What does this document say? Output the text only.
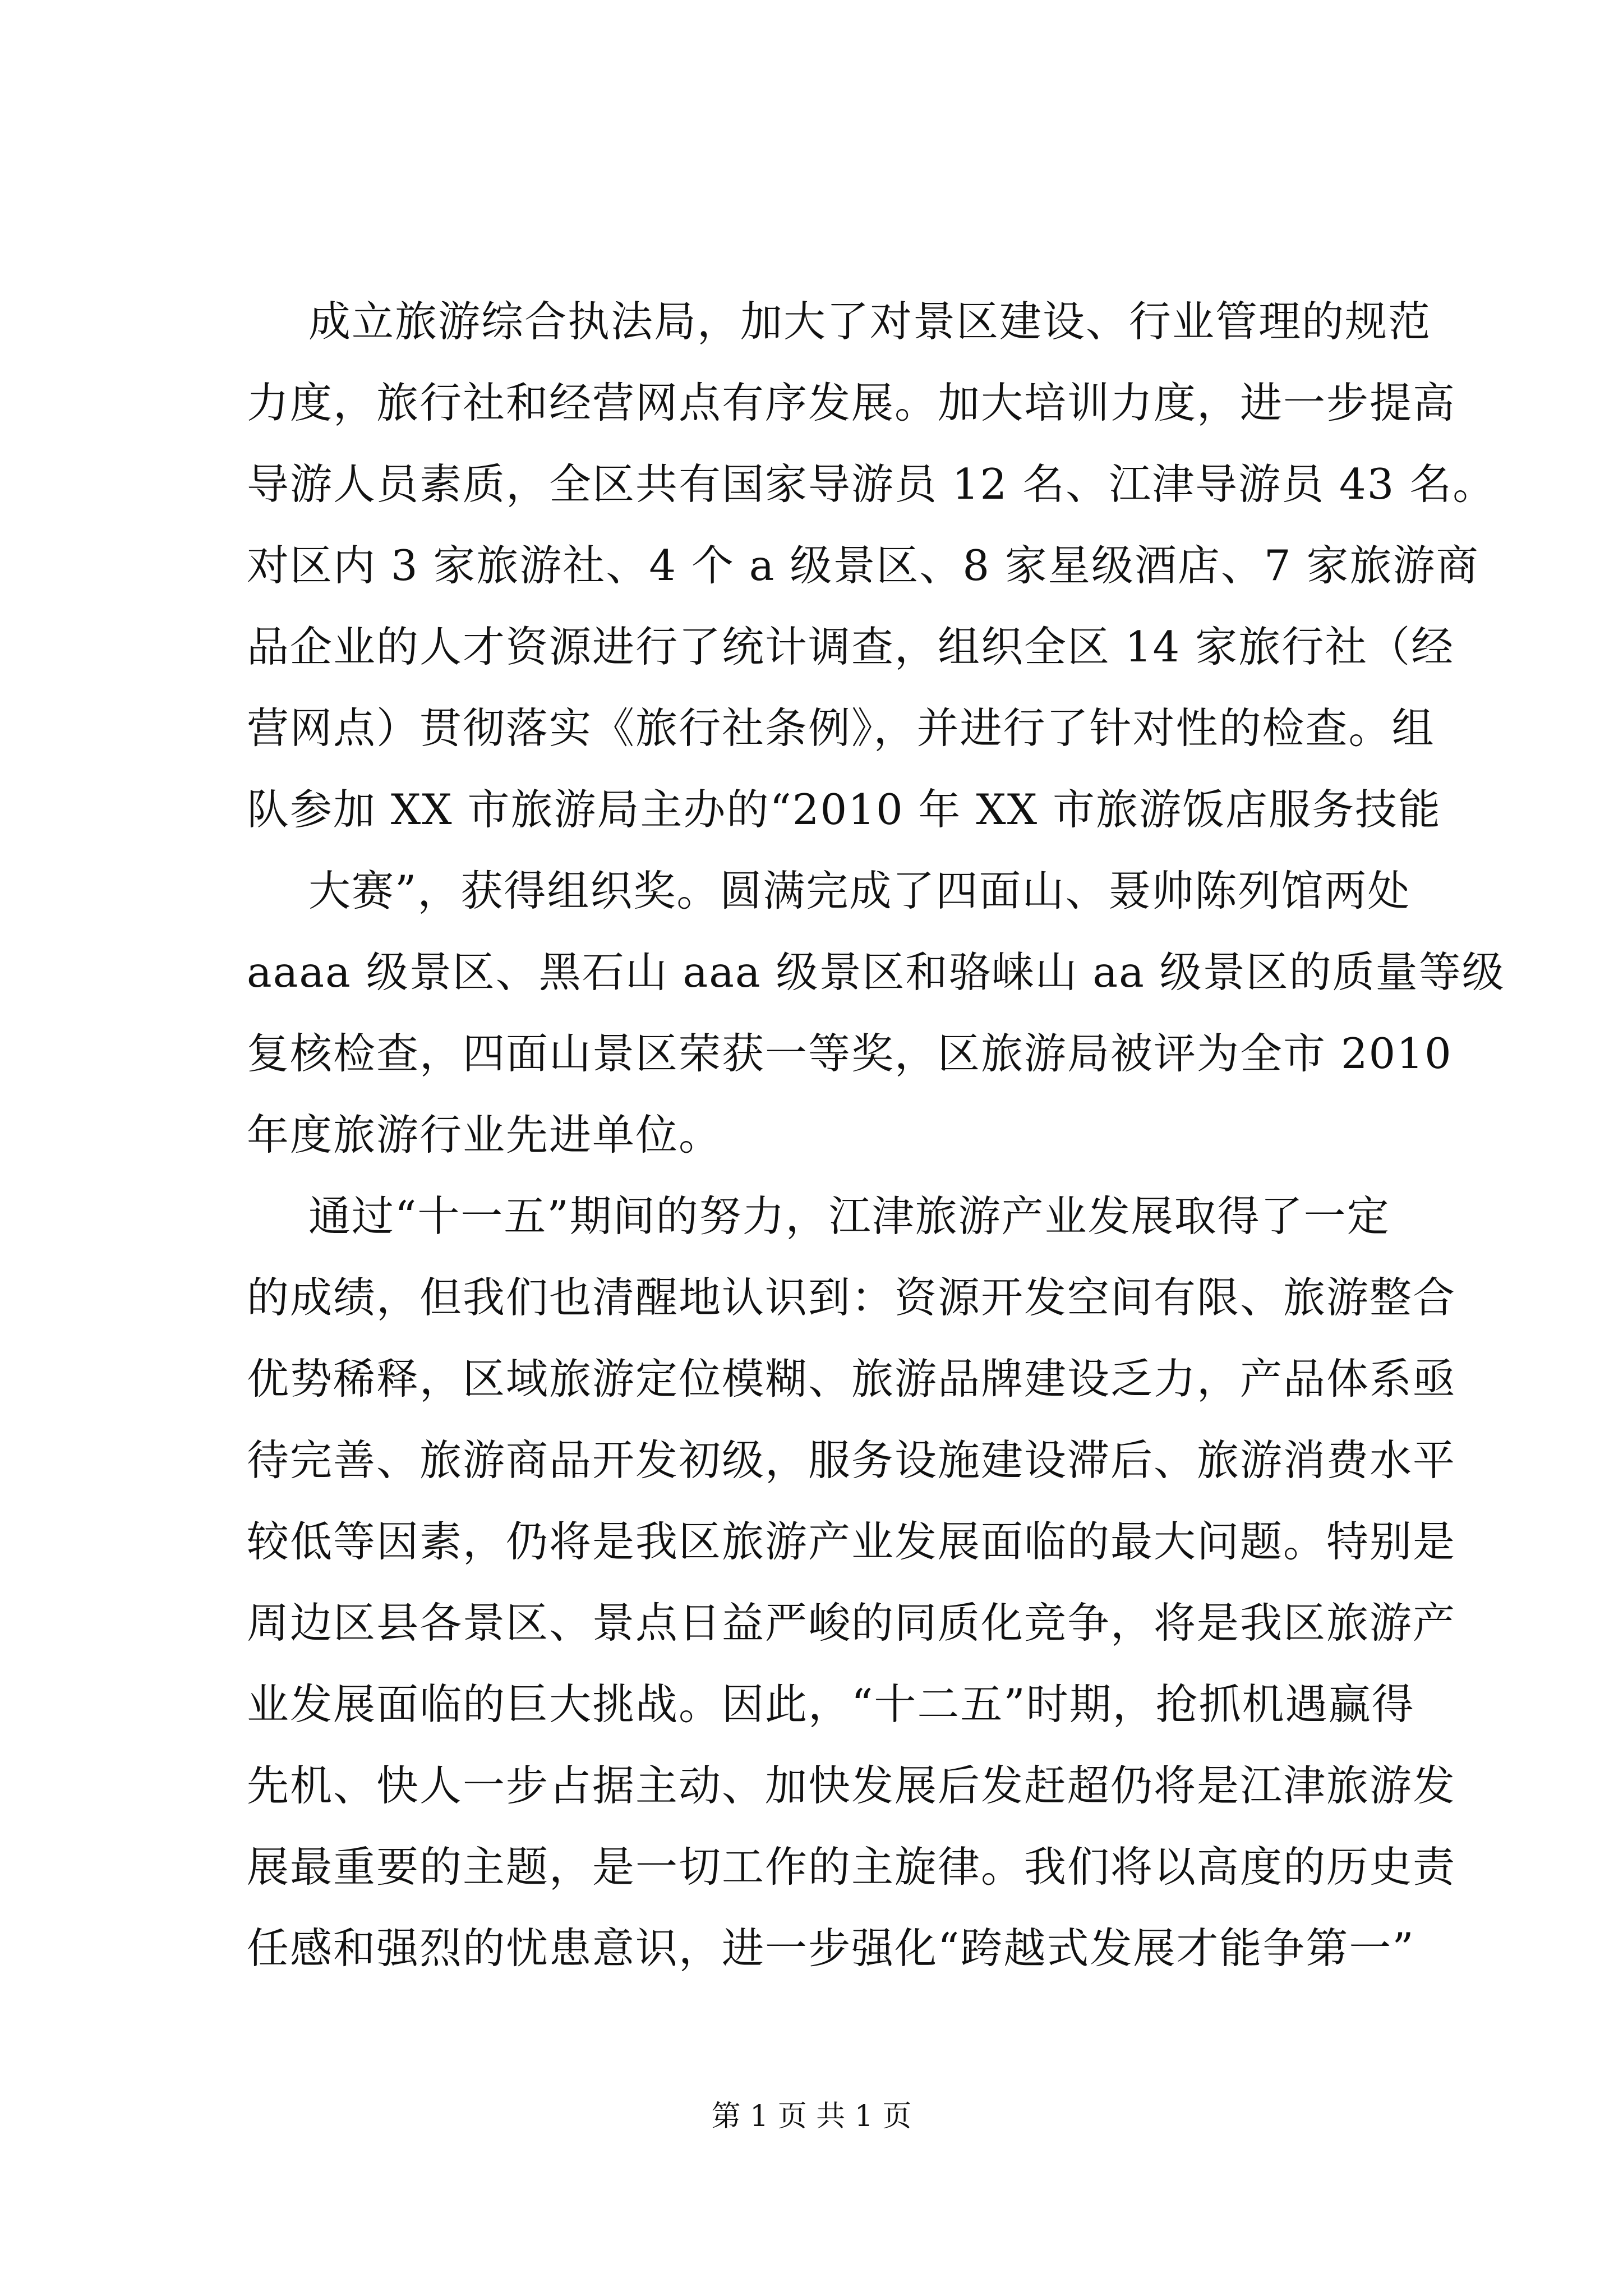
成立旅游综合执法局，加大了对景区建设、行业管理的规范
力度，旅行社和经营网点有序发展。加大培训力度，进一步提高
导游人员素质，全区共有国家导游员 12 名、江津导游员 43 名。
对区内 3 家旅游社、4 个 a 级景区、8 家星级酒店、7 家旅游商
品企业的人才资源进行了统计调查，组织全区 14 家旅行社（经
营网点）贯彻落实《旅行社条例》，并进行了针对性的检查。组
队参加 XX 市旅游局主办的“2010 年 XX 市旅游饭店服务技能
大赛”，获得组织奖。圆满完成了四面山、聂帅陈列馆两处
aaaa 级景区、黑石山 aaa 级景区和骆崃山 aa 级景区的质量等级
复核检查，四面山景区荣获一等奖，区旅游局被评为全市 2010
年度旅游行业先进单位。
通过“十一五”期间的努力，江津旅游产业发展取得了一定
的成绩，但我们也清醒地认识到：资源开发空间有限、旅游整合
优势稀释，区域旅游定位模糊、旅游品牌建设乏力，产品体系亟
待完善、旅游商品开发初级，服务设施建设滞后、旅游消费水平
较低等因素，仍将是我区旅游产业发展面临的最大问题。特别是
周边区县各景区、景点日益严峻的同质化竞争，将是我区旅游产
业发展面临的巨大挑战。因此，“十二五”时期，抢抓机遇赢得
先机、快人一步占据主动、加快发展后发赶超仍将是江津旅游发
展最重要的主题，是一切工作的主旋律。我们将以高度的历史责
任感和强烈的忧患意识，进一步强化“跨越式发展才能争第一”
第 1 页 共 1 页
